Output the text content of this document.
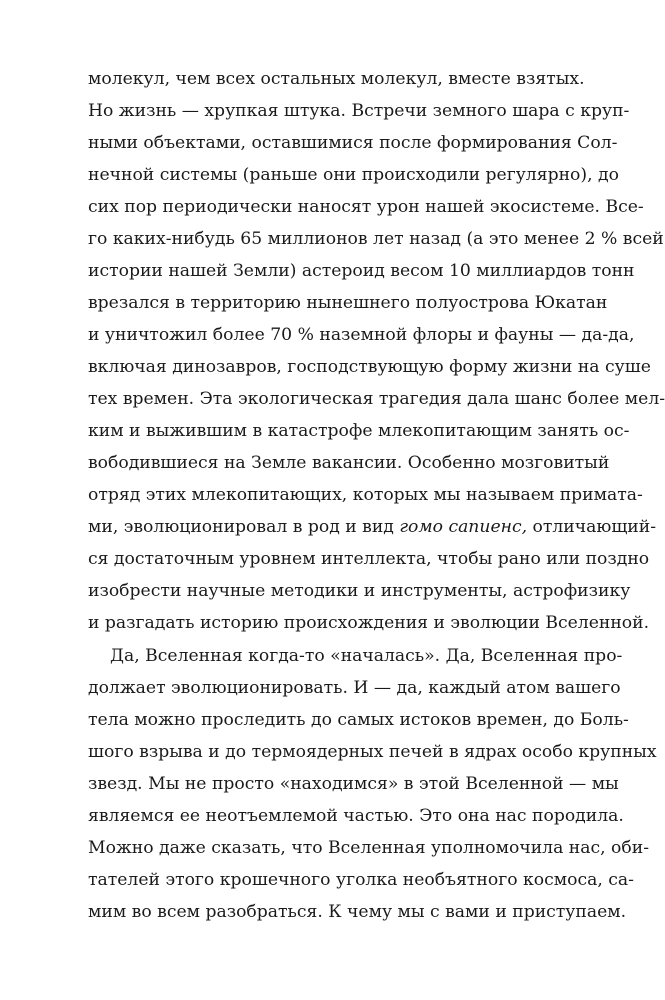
молекул, чем всех остальных молекул, вместе взятых.
Но жизнь — хрупкая штука. Встречи земного шара с круп-
ными объектами, оставшимися после формирования Сол-
нечной системы (раньше они происходили регулярно), до
сих пор периодически наносят урон нашей экосистеме. Все-
го каких-нибудь 65 миллионов лет назад (а это менее 2 % всей
истории нашей Земли) астероид весом 10 миллиардов тонн
врезался в территорию нынешнего полуострова Юкатан
и уничтожил более 70 % наземной флоры и фауны — да-да,
включая динозавров, господствующую форму жизни на суше
тех времен. Эта экологическая трагедия дала шанс более мел-
ким и выжившим в катастрофе млекопитающим занять ос-
вободившиеся на Земле вакансии. Особенно мозговитый
отряд этих млекопитающих, которых мы называем примата-
ми, эволюционировал в род и вид гомо сапиенс, отличающий-
ся достаточным уровнем интеллекта, чтобы рано или поздно
изобрести научные методики и инструменты, астрофизику
и разгадать историю происхождения и эволюции Вселенной.
Да, Вселенная когда-то «началась». Да, Вселенная про-
должает эволюционировать. И — да, каждый атом вашего
тела можно проследить до самых истоков времен, до Боль-
шого взрыва и до термоядерных печей в ядрах особо крупных
звезд. Мы не просто «находимся» в этой Вселенной — мы
являемся ее неотъемлемой частью. Это она нас породила.
Можно даже сказать, что Вселенная уполномочила нас, оби-
тателей этого крошечного уголка необъятного космоса, са-
мим во всем разобраться. К чему мы с вами и приступаем.
